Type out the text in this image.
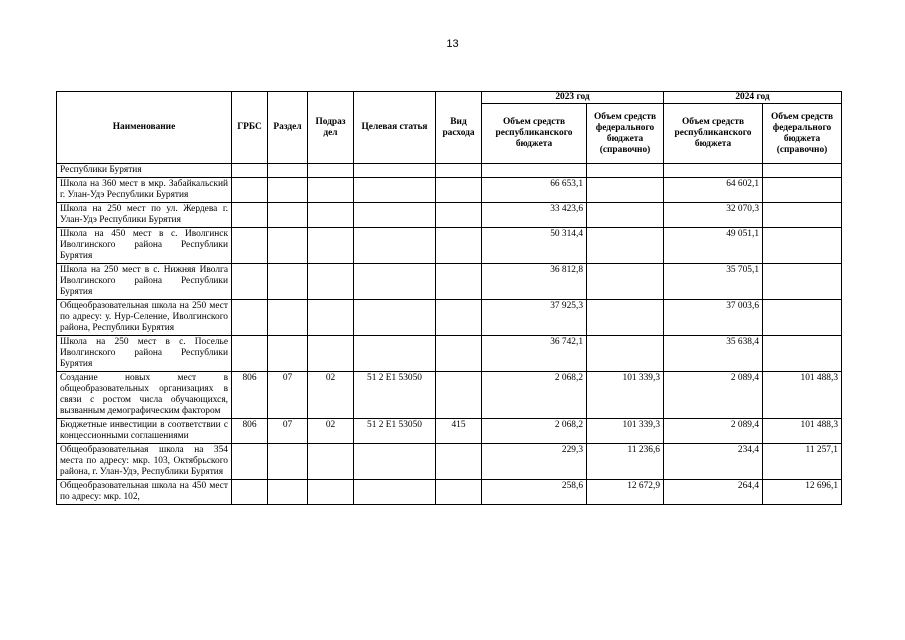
13
Наименование	ГРБС	Раздел	Подраз дел	Целевая статья	Вид расхода	2023 год		2024 год	
						Объем средств республиканского бюджета	Объем средств федерального бюджета (справочно)	Объем средств республиканского бюджета	Объем средств федерального бюджета (справочно)
Республики Бурятия									
Школа на 360 мест в мкр. Забайкальский г. Улан-Удэ Республики Бурятия						66 653,1		64 602,1	
Школа на 250 мест по ул. Жердева г. Улан-Удэ Республики Бурятия						33 423,6		32 070,3	
Школа на 450 мест в с. Иволгинск Иволгинского района Республики Бурятия						50 314,4		49 051,1	
Школа на 250 мест в с. Нижняя Иволга Иволгинского района Республики Бурятия						36 812,8		35 705,1	
Общеобразовательная школа на 250 мест по адресу: у. Нур-Селение, Иволгинского района, Республики Бурятия						37 925,3		37 003,6	
Школа на 250 мест в с. Поселье Иволгинского района Республики Бурятия						36 742,1		35 638,4	
Создание новых мест в общеобразовательных организациях в связи с ростом числа обучающихся, вызванным демографическим фактором	806	07	02	51 2 E1 53050		2 068,2	101 339,3	2 089,4	101 488,3
Бюджетные инвестиции в соответствии с концессионными соглашениями	806	07	02	51 2 E1 53050	415	2 068,2	101 339,3	2 089,4	101 488,3
Общеобразовательная школа на 354 места по адресу: мкр. 103, Октябрьского района, г. Улан-Удэ, Республики Бурятия						229,3	11 236,6	234,4	11 257,1
Общеобразовательная школа на 450 мест по адресу: мкр. 102,						258,6	12 672,9	264,4	12 696,1
